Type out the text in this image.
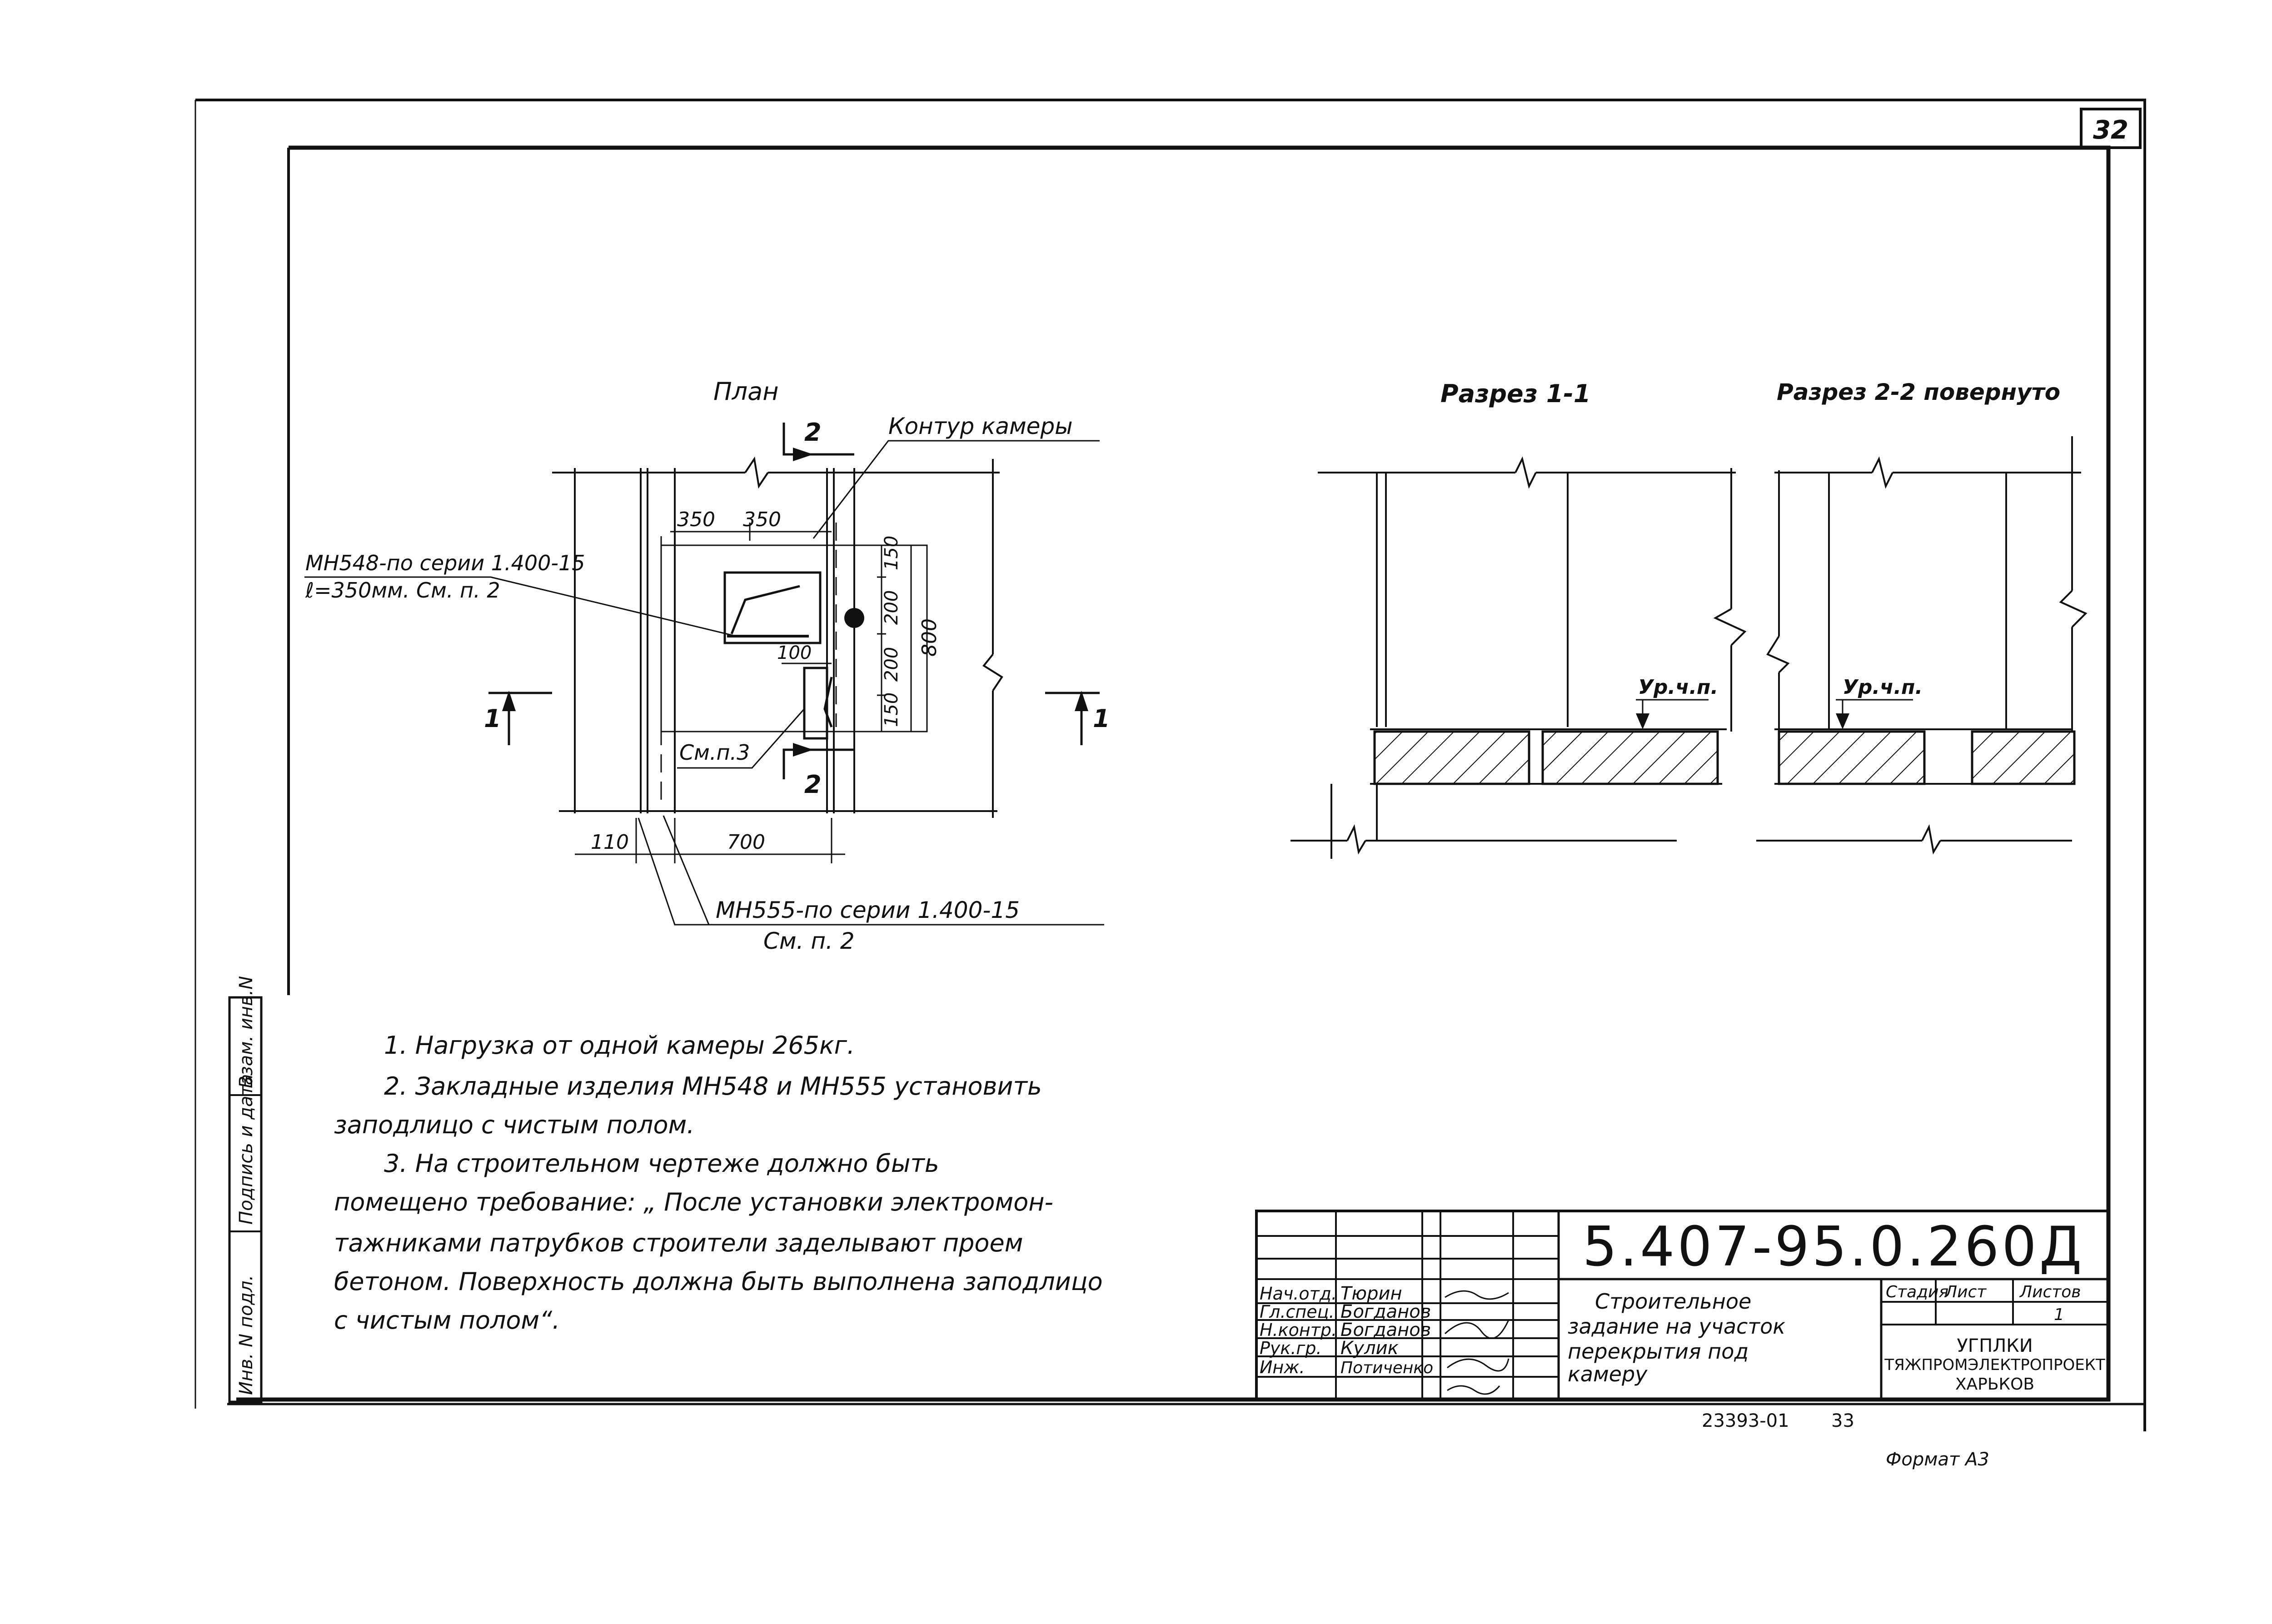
32
План
350 350
100
150
200
200
150
800
110	700
2
2
1	1
Контур камеры
МН548-по серии 1.400-15
ℓ=350мм. См. п. 2
См.п.3
МН555-по серии 1.400-15
См. п. 2
Разрез 1-1
Ур.ч.п.
Разрез 2-2 повернуто
Ур.ч.п.
Взам. инв.N
Подпись и дата
Инв. N подл.
5.407-95.0.260Д
Нач.отд.
Гл.спец.
Н.контр.
Рук.гр.
Инж.
Тюрин
Богданов
Богданов
Кулик
Потиченко
Строительное
задание на участок
перекрытия под
камеру
Стадия
Лист Листов
1
УГПЛКИ
ТЯЖПРОМЭЛЕКТРОПРОЕКТ
ХАРЬКОВ
23393-01 33
Формат А3
1. Нагрузка от одной камеры 265кг.
2. Закладные изделия МН548 и МН555 установить
заподлицо с чистым полом.
3. На строительном чертеже должно быть
помещено требование: „ После установки электромон-
тажниками патрубков строители заделывают проем
бетоном. Поверхность должна быть выполнена заподлицо
с чистым полом“.
